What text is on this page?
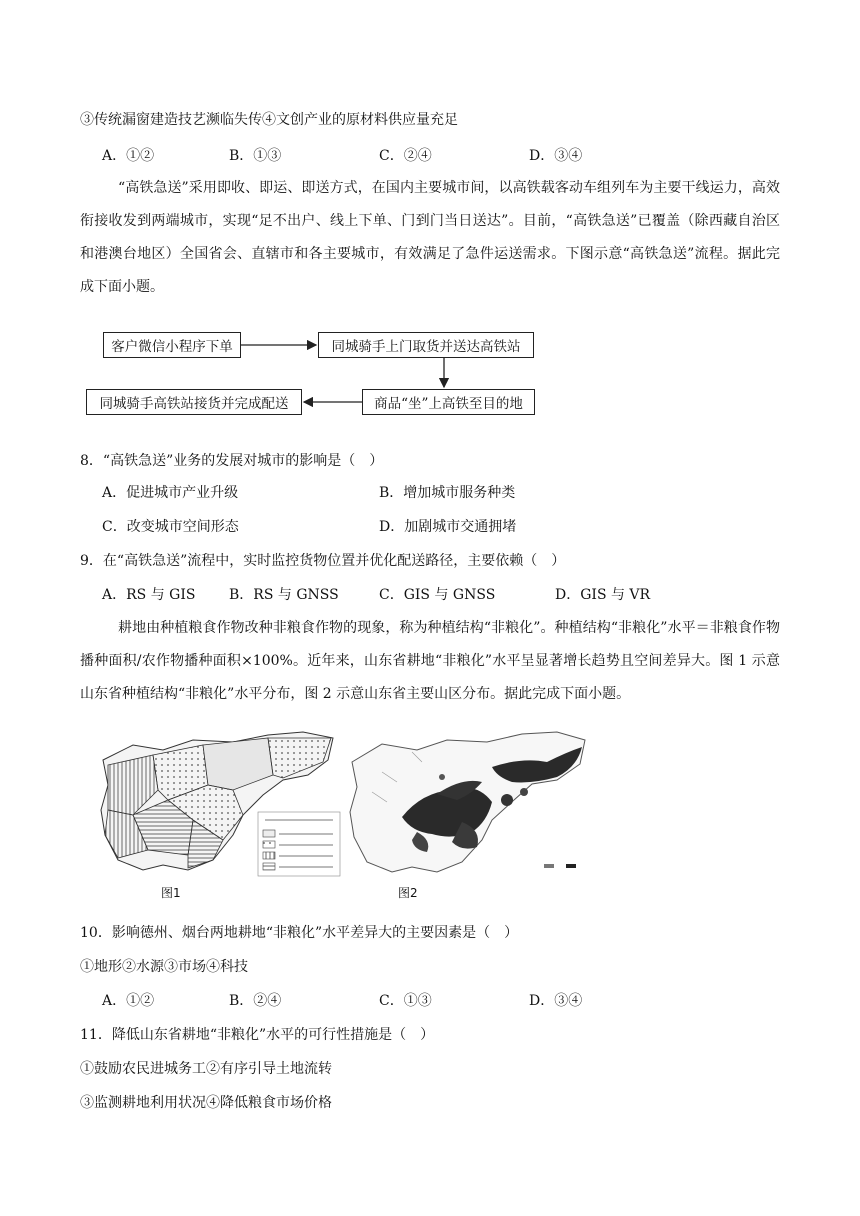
③传统漏窗建造技艺濒临失传④文创产业的原材料供应量充足
A．①②	B．①③	C．②④	D．③④
“高铁急送”采用即收、即运、即送方式，在国内主要城市间，以高铁载客动车组列车为主要干线运力，高效衔接收发到两端城市，实现“足不出户、线上下单、门到门当日送达”。目前，“高铁急送”已覆盖（除西藏自治区和港澳台地区）全国省会、直辖市和各主要城市，有效满足了急件运送需求。下图示意“高铁急送”流程。据此完成下面小题。
客户微信小程序下单	同城骑手上门取货并送达高铁站
商品“坐”上高铁至目的地
同城骑手高铁站接货并完成配送
8．“高铁急送”业务的发展对城市的影响是（　）
A．促进城市产业升级	B．增加城市服务种类
C．改变城市空间形态	D．加剧城市交通拥堵
9．在“高铁急送”流程中，实时监控货物位置并优化配送路径，主要依赖（　）
A．RS 与 GIS B．RS 与 GNSS	C．GIS 与 GNSS	D．GIS 与 VR
耕地由种植粮食作物改种非粮食作物的现象，称为种植结构“非粮化”。种植结构“非粮化”水平＝非粮食作物播种面积/农作物播种面积×100%。近年来，山东省耕地“非粮化”水平呈显著增长趋势且空间差异大。图 1 示意山东省种植结构“非粮化”水平分布，图 2 示意山东省主要山区分布。据此完成下面小题。
图1	图2
10．影响德州、烟台两地耕地“非粮化”水平差异大的主要因素是（　）
①地形②水源③市场④科技
A．①②	B．②④	C．①③	D．③④
11．降低山东省耕地“非粮化”水平的可行性措施是（　）
①鼓励农民进城务工②有序引导土地流转
③监测耕地利用状况④降低粮食市场价格
